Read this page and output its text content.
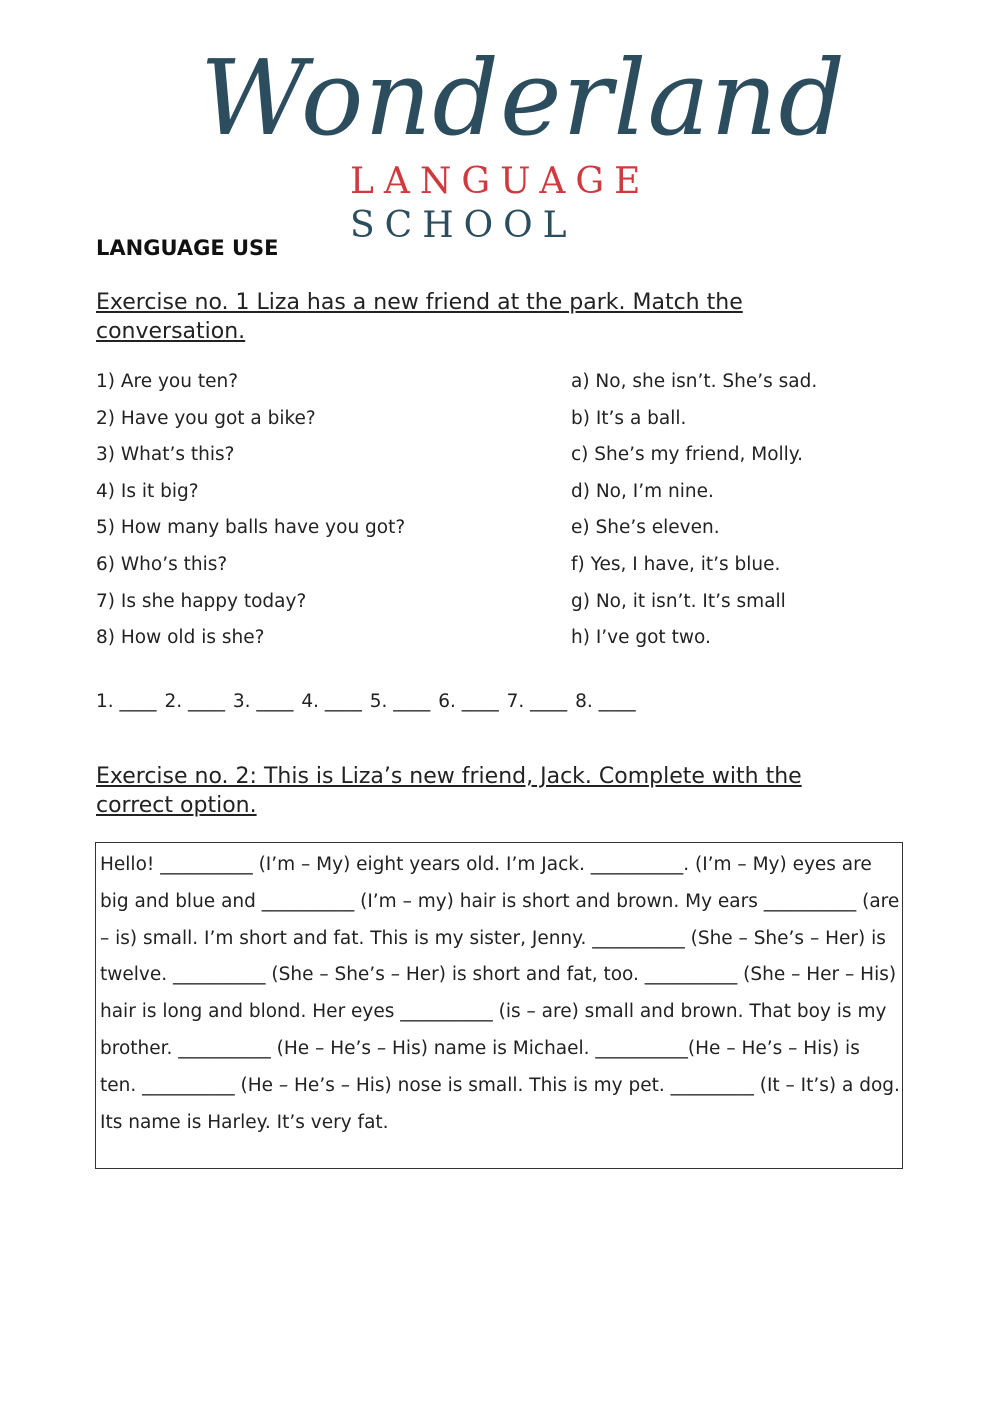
Wonderland
LANGUAGE SCHOOL
LANGUAGE USE
Exercise no. 1 Liza has a new friend at the park. Match the conversation.
1) Are you ten?
2) Have you got a bike?
3) What’s this?
4) Is it big?
5) How many balls have you got?
6) Who’s this?
7) Is she happy today?
8) How old is she?
a) No, she isn’t. She’s sad.
b) It’s a ball.
c) She’s my friend, Molly.
d) No, I’m nine.
e) She’s eleven.
f) Yes, I have, it’s blue.
g) No, it isn’t. It’s small
h) I’ve got two.
1. ____ 2. ____ 3. ____ 4. ____ 5. ____ 6. ____ 7. ____ 8. ____
Exercise no. 2: This is Liza’s new friend, Jack. Complete with the correct option.

Hello! __________ (I’m – My) eight years old. I’m Jack. __________. (I’m – My) eyes are big and blue and __________ (I’m – my) hair is short and brown. My ears __________ (are – is) small. I’m short and fat. This is my sister, Jenny. __________ (She – She’s – Her) is twelve. __________ (She – She’s – Her) is short and fat, too. __________ (She – Her – His) hair is long and blond. Her eyes __________ (is – are) small and brown. That boy is my brother. __________ (He – He’s – His) name is Michael. __________(He – He’s – His) is ten. __________ (He – He’s – His) nose is small. This is my pet. _________ (It – It’s) a dog. Its name is Harley. It’s very fat.
